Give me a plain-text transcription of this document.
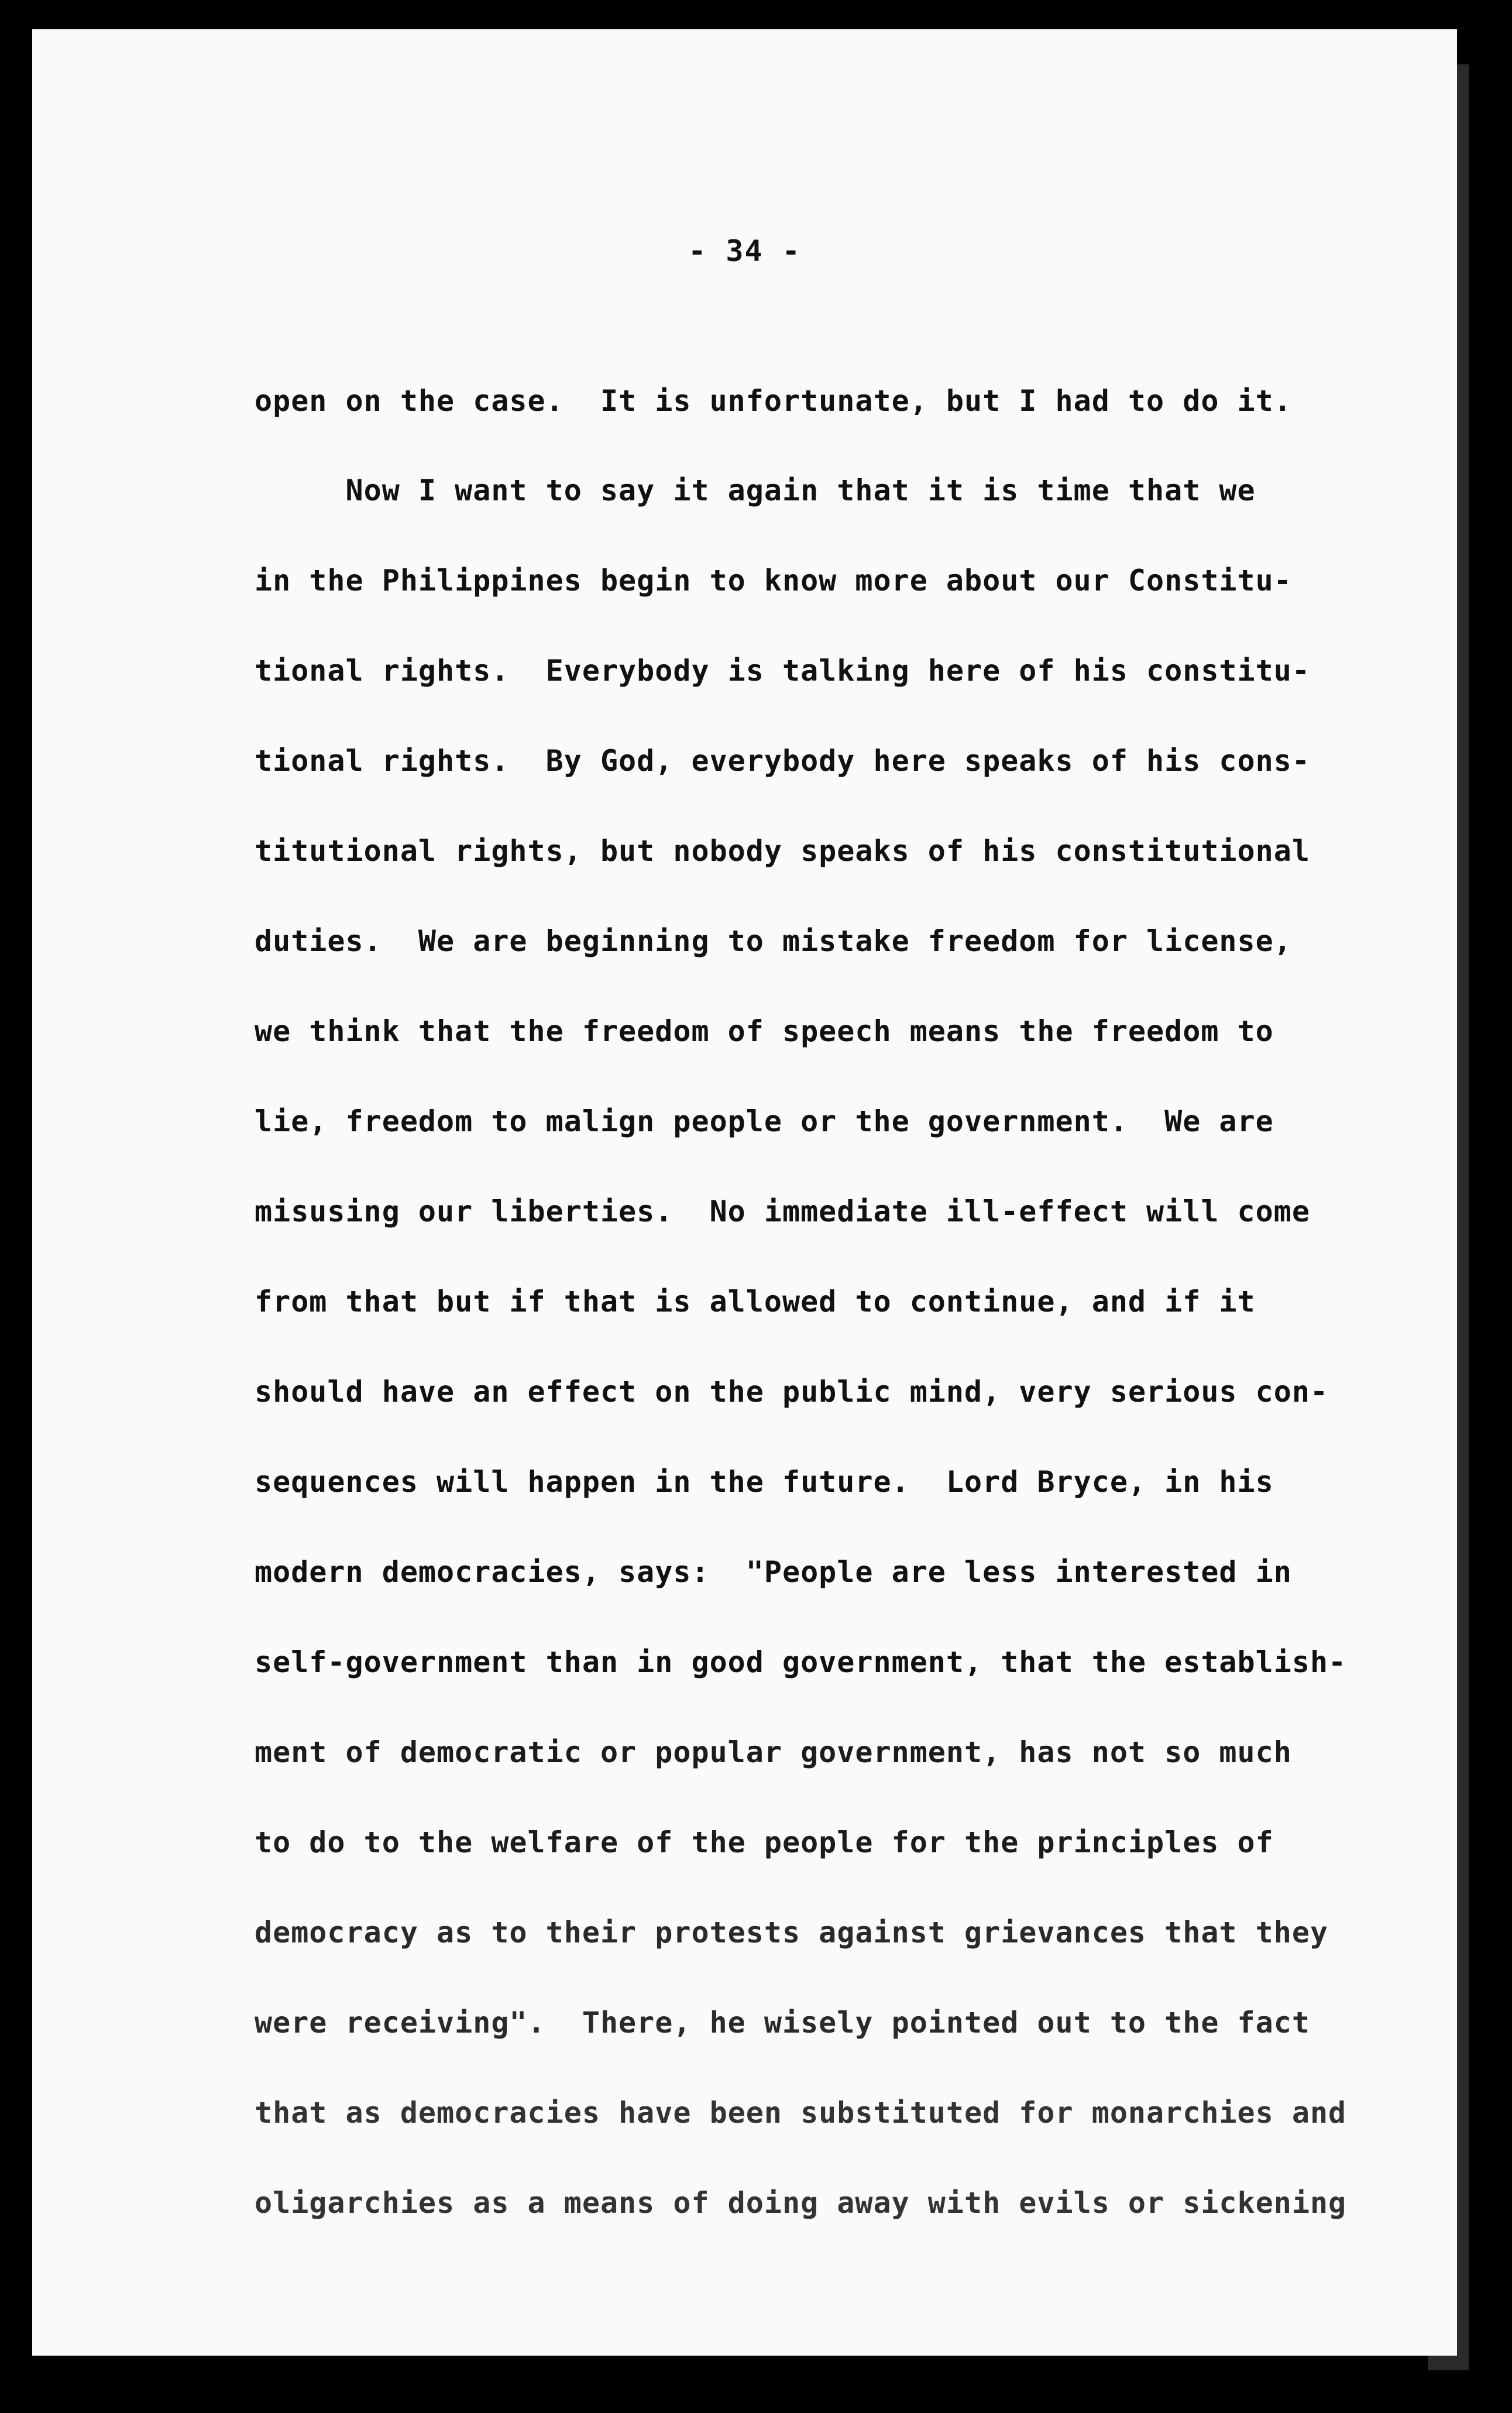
- 34 -
open on the case.  It is unfortunate, but I had to do it.
Now I want to say it again that it is time that we
in the Philippines begin to know more about our Constitu-
tional rights.  Everybody is talking here of his constitu-
tional rights.  By God, everybody here speaks of his cons-
titutional rights, but nobody speaks of his constitutional
duties.  We are beginning to mistake freedom for license,
we think that the freedom of speech means the freedom to
lie, freedom to malign people or the government.  We are
misusing our liberties.  No immediate ill-effect will come
from that but if that is allowed to continue, and if it
should have an effect on the public mind, very serious con-
sequences will happen in the future.  Lord Bryce, in his
modern democracies, says:  "People are less interested in
self-government than in good government, that the establish-
ment of democratic or popular government, has not so much
to do to the welfare of the people for the principles of
democracy as to their protests against grievances that they
were receiving".  There, he wisely pointed out to the fact
that as democracies have been substituted for monarchies and
oligarchies as a means of doing away with evils or sickening
